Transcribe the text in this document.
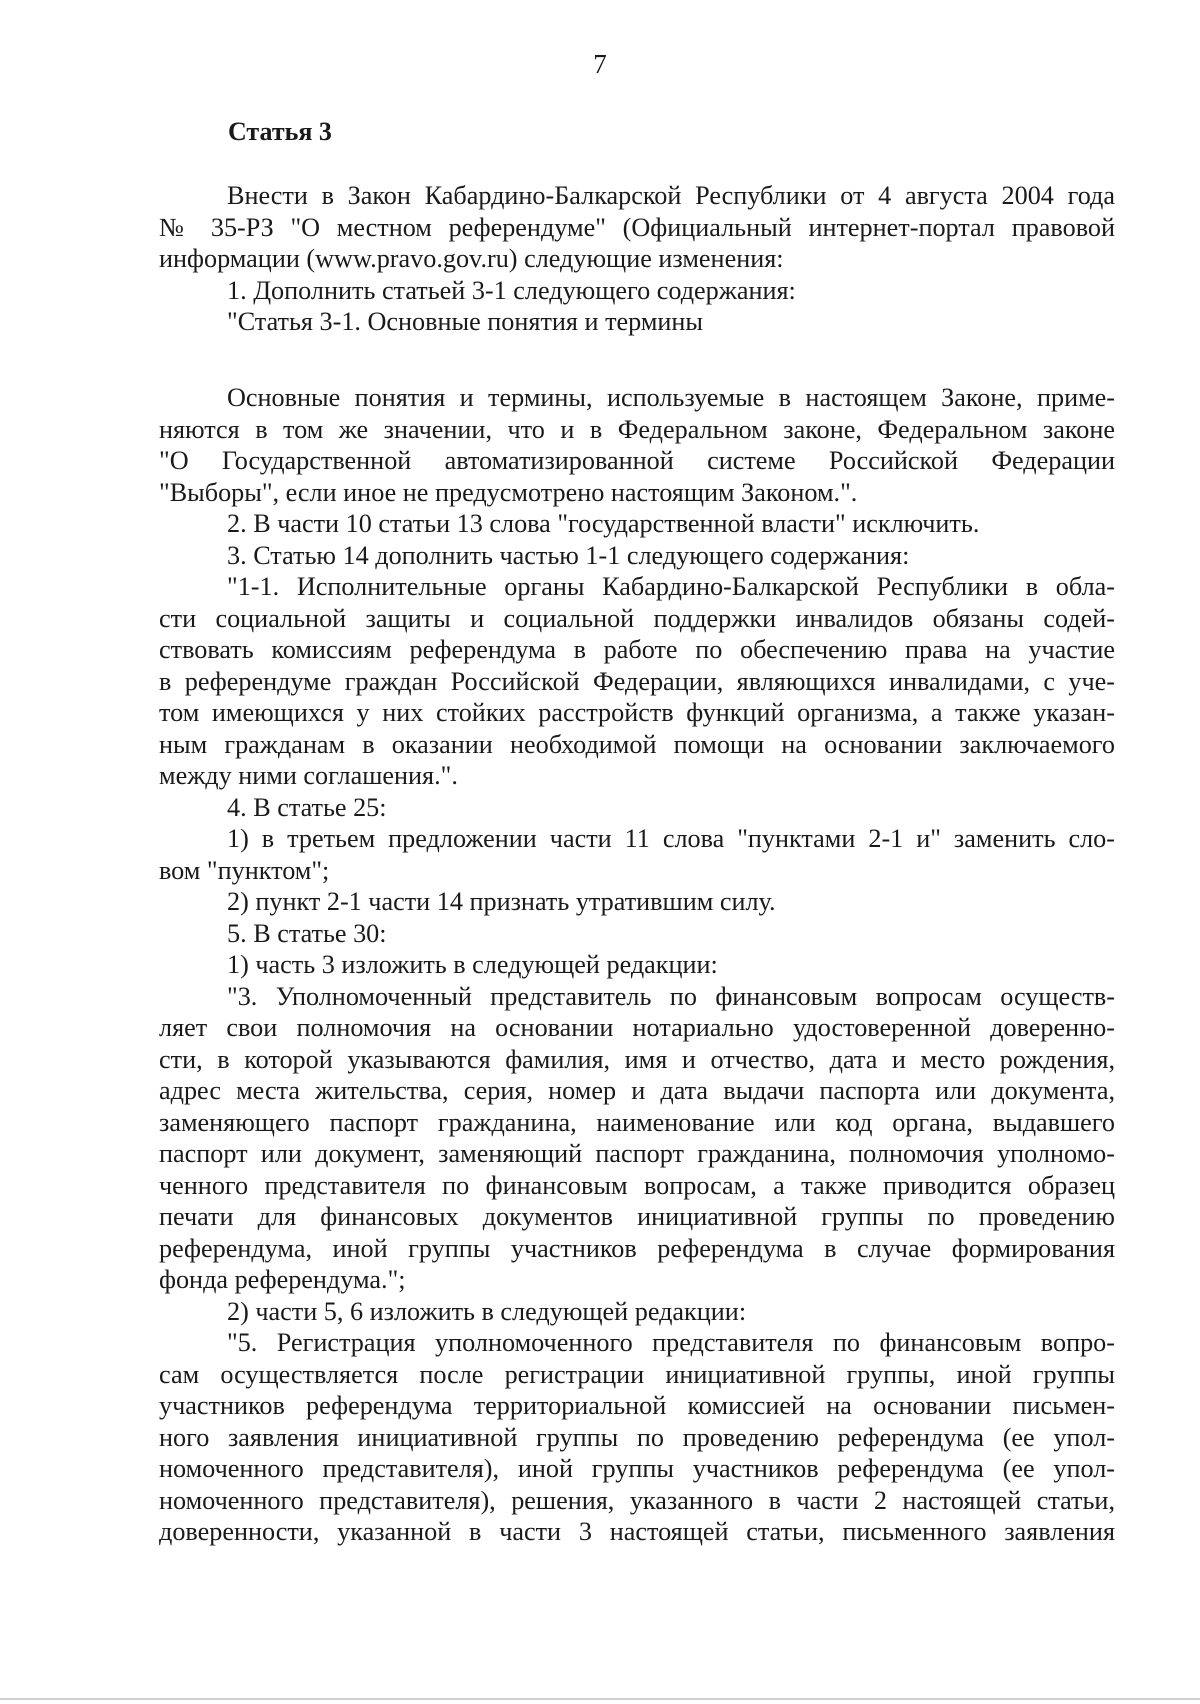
7
Статья 3
Внести в Закон Кабардино-Балкарской Республики от 4 августа 2004 года
№ 35-РЗ "О местном референдуме" (Официальный интернет-портал правовой
информации (www.pravo.gov.ru) следующие изменения:
1. Дополнить статьей 3-1 следующего содержания:
"Статья 3-1. Основные понятия и термины
Основные понятия и термины, используемые в настоящем Законе, приме-
няются в том же значении, что и в Федеральном законе, Федеральном законе
"О Государственной автоматизированной системе Российской Федерации
"Выборы", если иное не предусмотрено настоящим Законом.".
2. В части 10 статьи 13 слова "государственной власти" исключить.
3. Статью 14 дополнить частью 1-1 следующего содержания:
"1-1. Исполнительные органы Кабардино-Балкарской Республики в обла-
сти социальной защиты и социальной поддержки инвалидов обязаны содей-
ствовать комиссиям референдума в работе по обеспечению права на участие
в референдуме граждан Российской Федерации, являющихся инвалидами, с уче-
том имеющихся у них стойких расстройств функций организма, а также указан-
ным гражданам в оказании необходимой помощи на основании заключаемого
между ними соглашения.".
4. В статье 25:
1) в третьем предложении части 11 слова "пунктами 2-1 и" заменить сло-
вом "пунктом";
2) пункт 2-1 части 14 признать утратившим силу.
5. В статье 30:
1) часть 3 изложить в следующей редакции:
"3. Уполномоченный представитель по финансовым вопросам осуществ-
ляет свои полномочия на основании нотариально удостоверенной доверенно-
сти, в которой указываются фамилия, имя и отчество, дата и место рождения,
адрес места жительства, серия, номер и дата выдачи паспорта или документа,
заменяющего паспорт гражданина, наименование или код органа, выдавшего
паспорт или документ, заменяющий паспорт гражданина, полномочия уполномо-
ченного представителя по финансовым вопросам, а также приводится образец
печати для финансовых документов инициативной группы по проведению
референдума, иной группы участников референдума в случае формирования
фонда референдума.";
2) части 5, 6 изложить в следующей редакции:
"5. Регистрация уполномоченного представителя по финансовым вопро-
сам осуществляется после регистрации инициативной группы, иной группы
участников референдума территориальной комиссией на основании письмен-
ного заявления инициативной группы по проведению референдума (ее упол-
номоченного представителя), иной группы участников референдума (ее упол-
номоченного представителя), решения, указанного в части 2 настоящей статьи,
доверенности, указанной в части 3 настоящей статьи, письменного заявления
